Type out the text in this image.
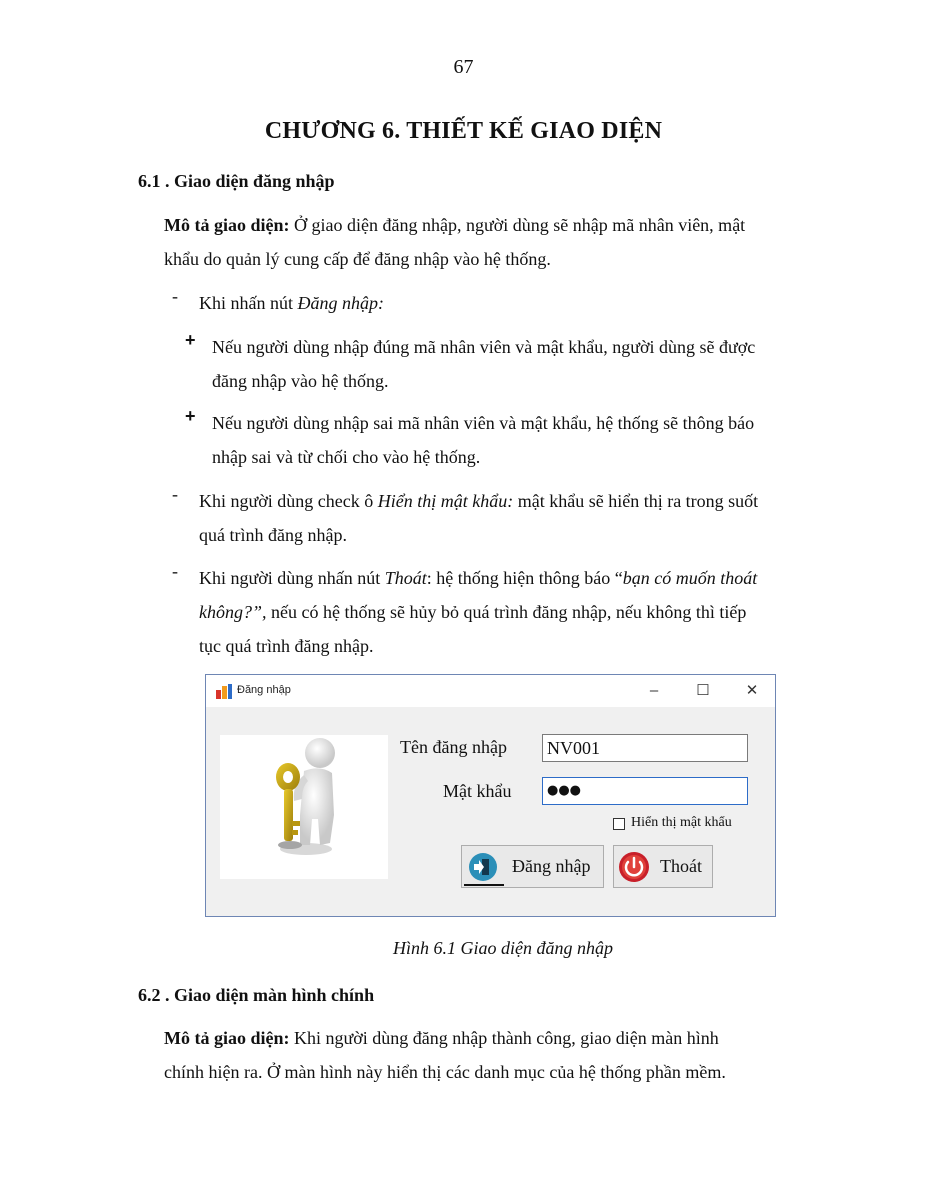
67
CHƯƠNG 6. THIẾT KẾ GIAO DIỆN
6.1 . Giao diện đăng nhập
Mô tả giao diện: Ở giao diện đăng nhập, người dùng sẽ nhập mã nhân viên, mật
khẩu do quản lý cung cấp để đăng nhập vào hệ thống.
- Khi nhấn nút Đăng nhập:
+ Nếu người dùng nhập đúng mã nhân viên và mật khẩu, người dùng sẽ được
đăng nhập vào hệ thống.
+ Nếu người dùng nhập sai mã nhân viên và mật khẩu, hệ thống sẽ thông báo
nhập sai và từ chối cho vào hệ thống.
- Khi người dùng check ô Hiển thị mật khẩu: mật khẩu sẽ hiển thị ra trong suốt
quá trình đăng nhập.
- Khi người dùng nhấn nút Thoát: hệ thống hiện thông báo “bạn có muốn thoát
không?”, nếu có hệ thống sẽ hủy bỏ quá trình đăng nhập, nếu không thì tiếp
tục quá trình đăng nhập.
Đăng nhập	–	☐	✕
Tên đăng nhập NV001
Mật khẩu	●●●
Hiển thị mật khẩu
Đăng nhập	Thoát
Hình 6.1 Giao diện đăng nhập
6.2 . Giao diện màn hình chính
Mô tả giao diện: Khi người dùng đăng nhập thành công, giao diện màn hình
chính hiện ra. Ở màn hình này hiển thị các danh mục của hệ thống phần mềm.
